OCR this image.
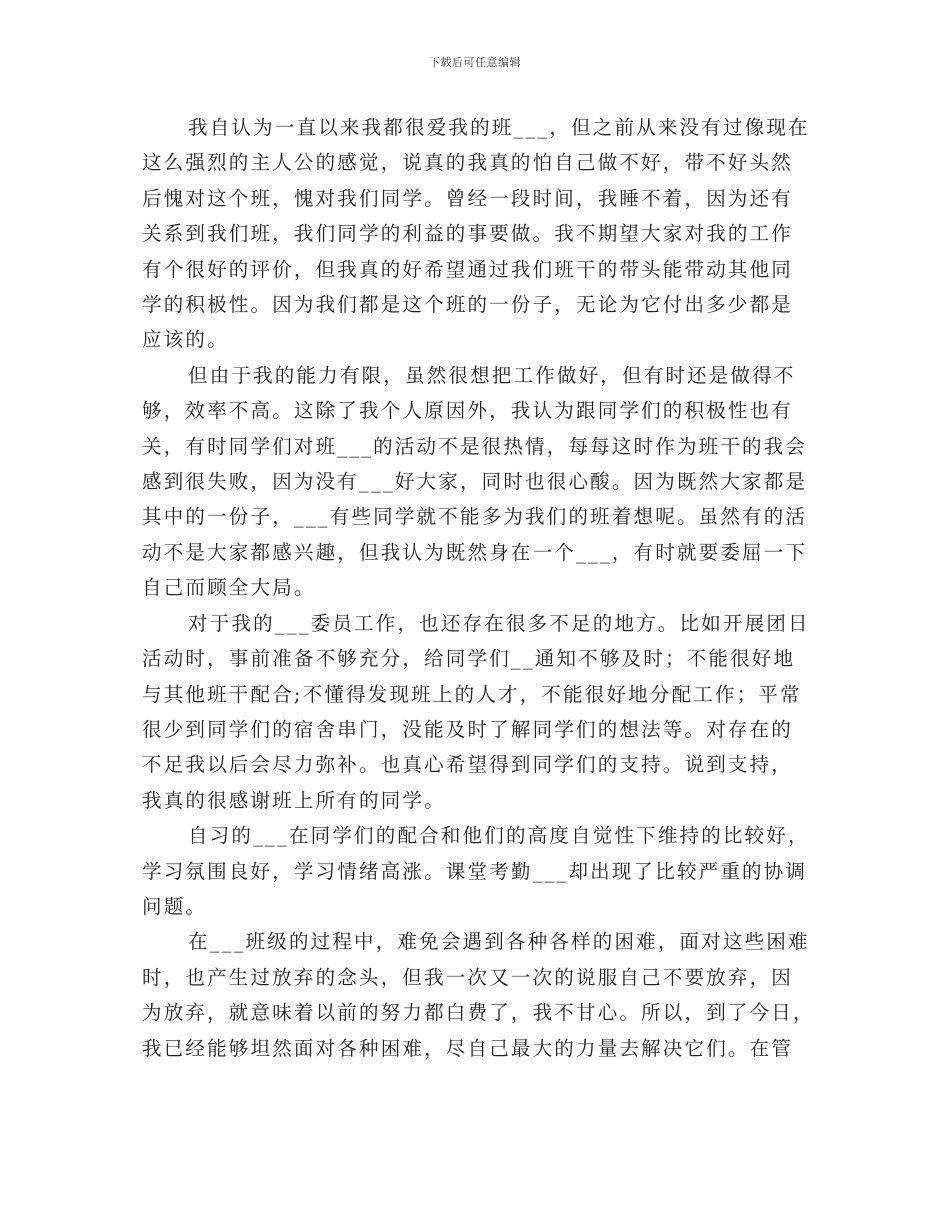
下载后可任意编辑

我自认为一直以来我都很爱我的班___，但之前从来没有过像现在
这么强烈的主人公的感觉，说真的我真的怕自己做不好，带不好头然
后愧对这个班，愧对我们同学。曾经一段时间，我睡不着，因为还有
关系到我们班，我们同学的利益的事要做。我不期望大家对我的工作
有个很好的评价，但我真的好希望通过我们班干的带头能带动其他同
学的积极性。因为我们都是这个班的一份子，无论为它付出多少都是
应该的。

但由于我的能力有限，虽然很想把工作做好，但有时还是做得不
够，效率不高。这除了我个人原因外，我认为跟同学们的积极性也有
关，有时同学们对班___的活动不是很热情，每每这时作为班干的我会
感到很失败，因为没有___好大家，同时也很心酸。因为既然大家都是
其中的一份子，___有些同学就不能多为我们的班着想呢。虽然有的活
动不是大家都感兴趣，但我认为既然身在一个___，有时就要委屈一下
自己而顾全大局。

对于我的___委员工作，也还存在很多不足的地方。比如开展团日
活动时，事前准备不够充分，给同学们__通知不够及时；不能很好地
与其他班干配合;不懂得发现班上的人才，不能很好地分配工作；平常
很少到同学们的宿舍串门，没能及时了解同学们的想法等。对存在的
不足我以后会尽力弥补。也真心希望得到同学们的支持。说到支持，
我真的很感谢班上所有的同学。

自习的___在同学们的配合和他们的高度自觉性下维持的比较好，
学习氛围良好，学习情绪高涨。课堂考勤___却出现了比较严重的协调
问题。

在___班级的过程中，难免会遇到各种各样的困难，面对这些困难
时，也产生过放弃的念头，但我一次又一次的说服自己不要放弃，因
为放弃，就意味着以前的努力都白费了，我不甘心。所以，到了今日，
我已经能够坦然面对各种困难，尽自己最大的力量去解决它们。在管
